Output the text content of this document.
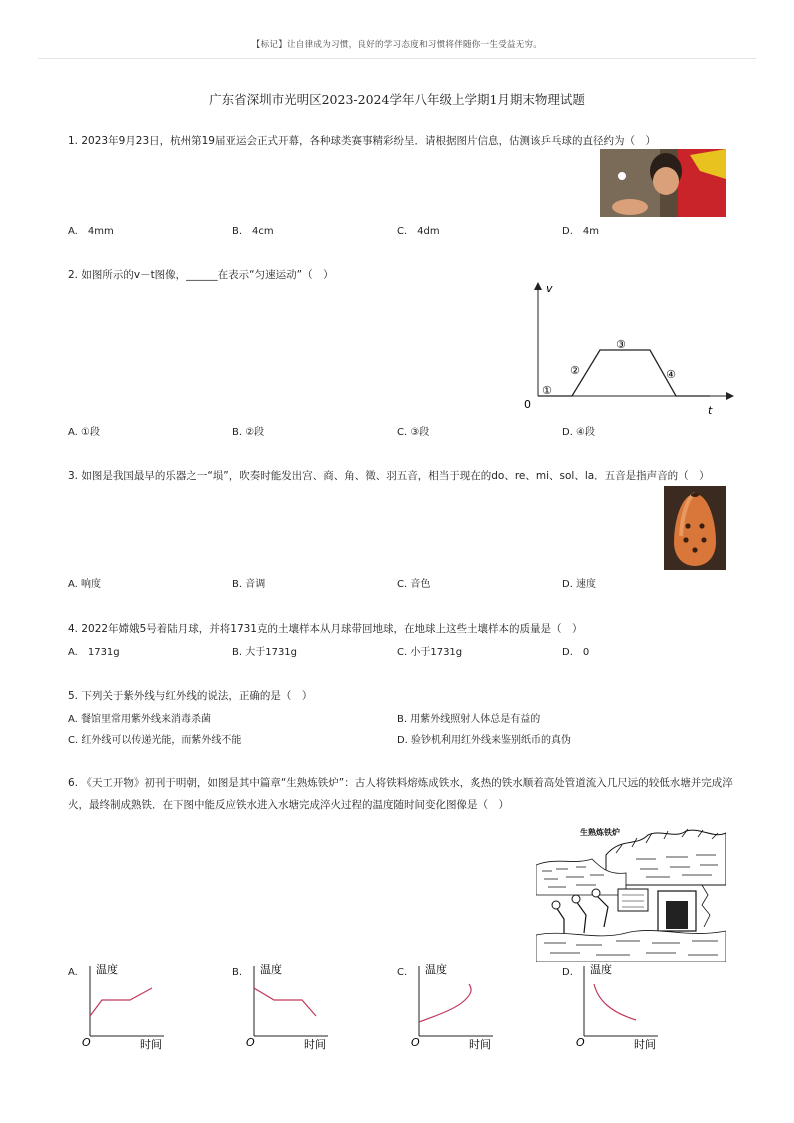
【标记】让自律成为习惯，良好的学习态度和习惯将伴随你一生受益无穷。
广东省深圳市光明区2023-2024学年八年级上学期1月期末物理试题
1. 2023年9月23日，杭州第19届亚运会正式开幕，各种球类赛事精彩纷呈．请根据图片信息，估测该乒乓球的直径约为（　）
A.　4mm	B.　4cm	C.　4dm	D.　4m
2. 如图所示的v－t图像，______在表示“匀速运动”（　）
v
t
0
①
②
③
④
A. ①段	B. ②段	C. ③段	D. ④段
3. 如图是我国最早的乐器之一“埙”，吹奏时能发出宫、商、角、徵、羽五音，相当于现在的do、re、mi、sol、la．五音是指声音的（　）
A. 响度	B. 音调	C. 音色	D. 速度
4. 2022年嫦娥5号着陆月球，并将1731克的土壤样本从月球带回地球，在地球上这些土壤样本的质量是（　）
A.　1731g	B. 大于1731g	C. 小于1731g	D.　0
5. 下列关于紫外线与红外线的说法，正确的是（　）
A. 餐馆里常用紫外线来消毒杀菌	B. 用紫外线照射人体总是有益的
C. 红外线可以传递光能，而紫外线不能	D. 验钞机利用红外线来鉴别纸币的真伪
6. 《天工开物》初刊于明朝，如图是其中篇章“生熟炼铁炉”：古人将铁料熔炼成铁水，炙热的铁水顺着高处管道流入几尺远的较低水塘并完成淬
火，最终制成熟铁．在下图中能反应铁水进入水塘完成淬火过程的温度随时间变化图像是（　）
生熟炼铁炉
A. 温度
时间
O
B. 温度
时间
O
C. 温度
时间
O
D. 温度
时间
O
